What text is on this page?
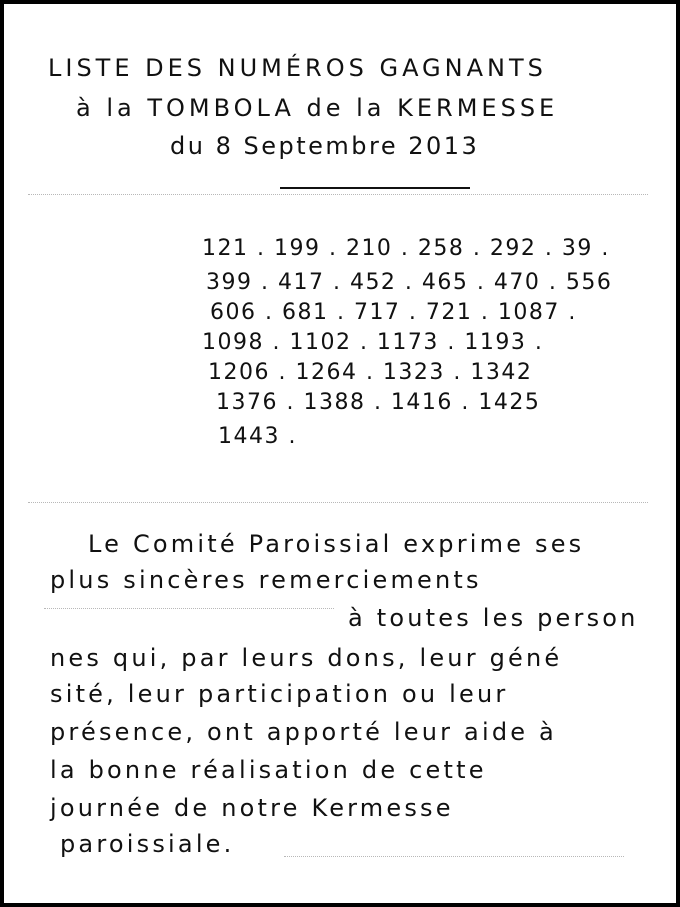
LISTE DES NUMÉROS GAGNANTS
à la TOMBOLA de la KERMESSE
du 8 Septembre 2013
121 . 199 . 210 . 258 . 292 . 39 .
399 . 417 . 452 . 465 . 470 . 556
606 . 681 . 717 . 721 . 1087 .
1098 . 1102 . 1173 . 1193 .
1206 . 1264 . 1323 . 1342
1376 . 1388 . 1416 . 1425
1443 .
Le Comité Paroissial exprime ses
plus sincères remerciements
à toutes les person
nes qui, par leurs dons, leur géné
sité, leur participation ou leur
présence, ont apporté leur aide à
la bonne réalisation de cette
journée de notre Kermesse
paroissiale.
